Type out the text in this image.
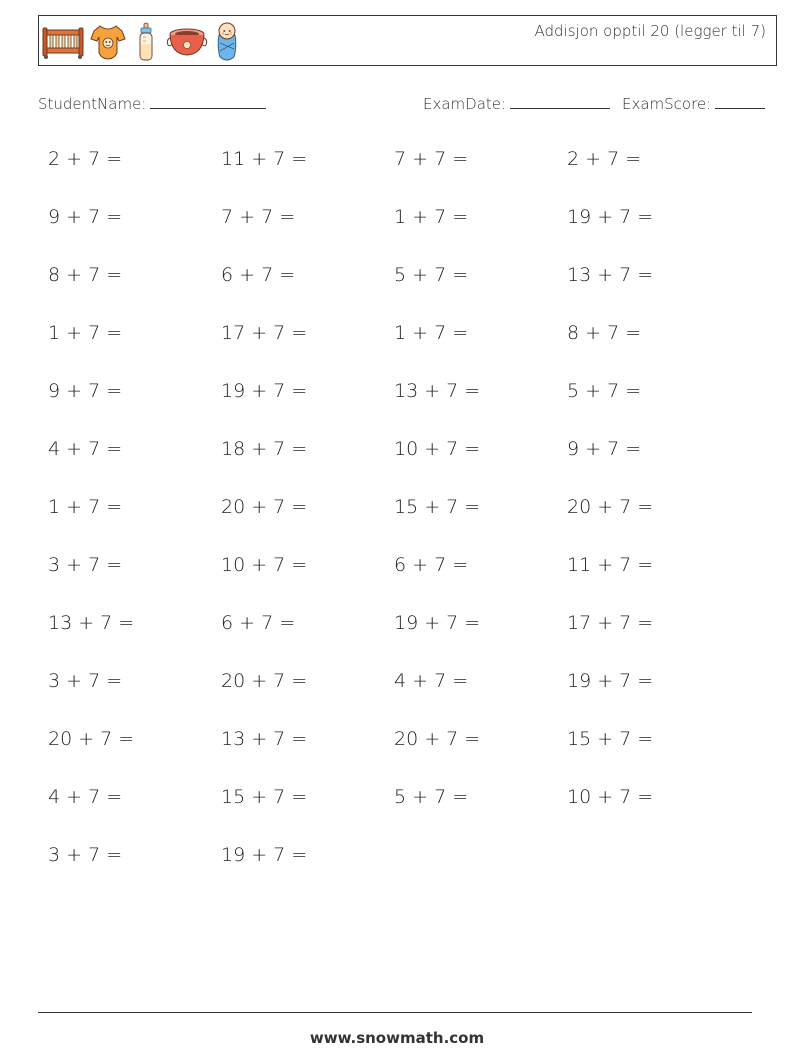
Addisjon opptil 20 (legger til 7)
StudentName:	ExamDate:	ExamScore:
2 + 7 =	11 + 7 =	7 + 7 =	2 + 7 =
9 + 7 =	7 + 7 =	1 + 7 =	19 + 7 =
8 + 7 =	6 + 7 =	5 + 7 =	13 + 7 =
1 + 7 =	17 + 7 =	1 + 7 =	8 + 7 =
9 + 7 =	19 + 7 =	13 + 7 =	5 + 7 =
4 + 7 =	18 + 7 =	10 + 7 =	9 + 7 =
1 + 7 =	20 + 7 =	15 + 7 =	20 + 7 =
3 + 7 =	10 + 7 =	6 + 7 =	11 + 7 =
13 + 7 =	6 + 7 =	19 + 7 =	17 + 7 =
3 + 7 =	20 + 7 =	4 + 7 =	19 + 7 =
20 + 7 =	13 + 7 =	20 + 7 =	15 + 7 =
4 + 7 =	15 + 7 =	5 + 7 =	10 + 7 =
3 + 7 =	19 + 7 =
www.snowmath.com
